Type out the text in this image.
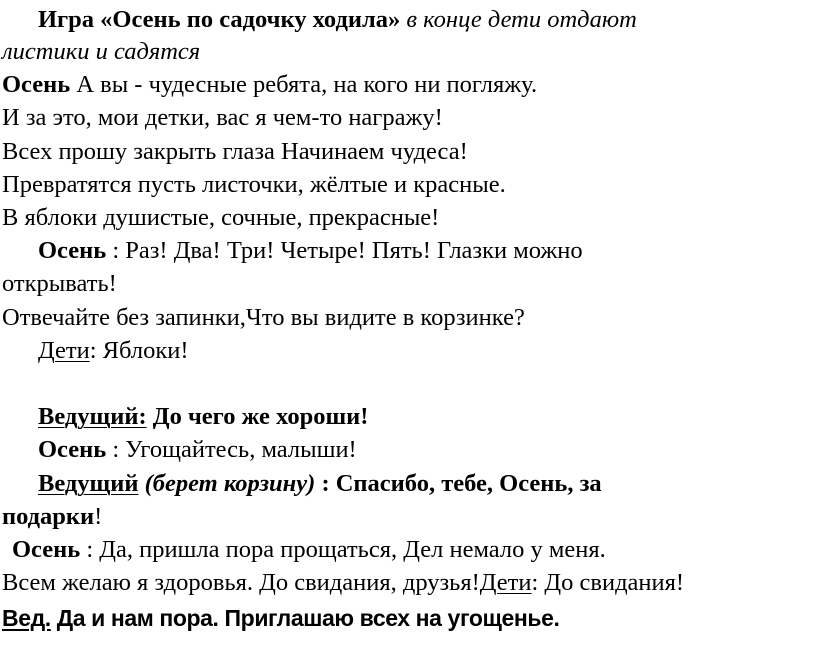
Игра «Осень по садочку ходила» в конце дети отдают
листики и садятся
Осень А вы - чудесные ребята, на кого ни погляжу.
И за это, мои детки, вас я чем-то награжу!
Всех прошу закрыть глаза Начинаем чудеса!
Превратятся пусть листочки, жёлтые и красные.
В яблоки душистые, сочные, прекрасные!
Осень : Раз! Два! Три! Четыре! Пять! Глазки можно
открывать!
Отвечайте без запинки,Что вы видите в корзинке?
Дети: Яблоки!
Ведущий: До чего же хороши!
Осень : Угощайтесь, малыши!
Ведущий (берет корзину) : Спасибо, тебе, Осень, за
подарки!
Осень : Да, пришла пора прощаться, Дел немало у меня.
Всем желаю я здоровья. До свидания, друзья!Дети: До свидания!
Вед. Да и нам пора. Приглашаю всех на угощенье.
